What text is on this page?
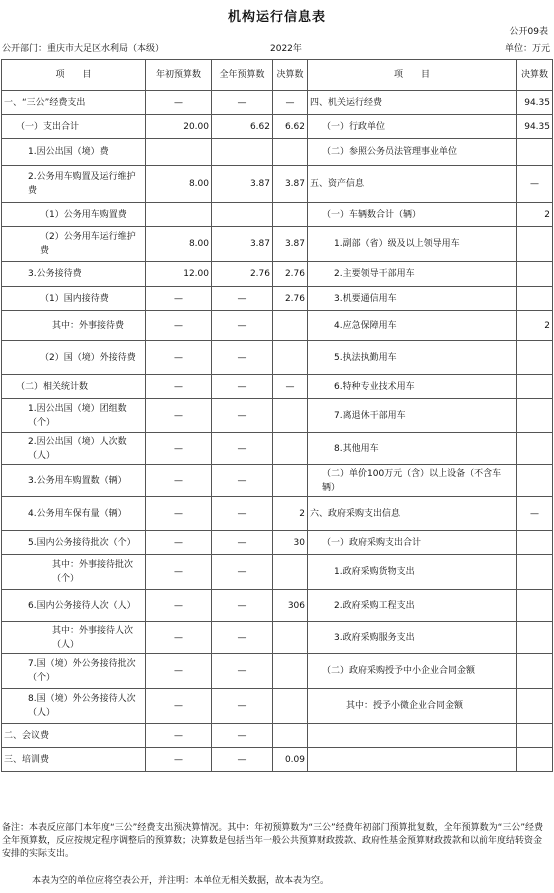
机构运行信息表
公开09表
公开部门：重庆市大足区水利局（本级）	2022年	单位：万元
项　　目	年初预算数	全年预算数	决算数	项　　目	决算数
一、“三公”经费支出	—	—	—	四、机关运行经费	94.35
（一）支出合计	20.00	6.62	6.62	（一）行政单位	94.35
1.因公出国（境）费				（二）参照公务员法管理事业单位	
2.公务用车购置及运行维护费	8.00	3.87	3.87	五、资产信息	—
（1）公务用车购置费				（一）车辆数合计（辆）	2
（2）公务用车运行维护费	8.00	3.87	3.87	1.副部（省）级及以上领导用车	
3.公务接待费	12.00	2.76	2.76	2.主要领导干部用车	
（1）国内接待费	—	—	2.76	3.机要通信用车	
其中：外事接待费	—	—		4.应急保障用车	2
（2）国（境）外接待费	—	—		5.执法执勤用车	
（二）相关统计数	—	—	—	6.特种专业技术用车	
1.因公出国（境）团组数（个）	—	—		7.离退休干部用车	
2.因公出国（境）人次数（人）	—	—		8.其他用车	
3.公务用车购置数（辆）	—	—		（二）单价100万元（含）以上设备（不含车辆）	
4.公务用车保有量（辆）	—	—	2	六、政府采购支出信息	—
5.国内公务接待批次（个）	—	—	30	（一）政府采购支出合计	
其中：外事接待批次（个）	—	—		1.政府采购货物支出	
6.国内公务接待人次（人）	—	—	306	2.政府采购工程支出	
其中：外事接待人次（人）	—	—		3.政府采购服务支出	
7.国（境）外公务接待批次（个）	—	—		（二）政府采购授予中小企业合同金额	
8.国（境）外公务接待人次（人）	—	—		其中：授予小微企业合同金额	
二、会议费	—	—			
三、培训费	—	—	0.09		
备注：本表反应部门本年度“三公”经费支出预决算情况。其中：年初预算数为“三公”经费年初部门预算批复数，全年预算数为“三公”经费全年预算数，反应按规定程序调整后的预算数；决算数是包括当年一般公共预算财政拨款、政府性基金预算财政拨款和以前年度结转资金安排的实际支出。
本表为空的单位应将空表公开，并注明：本单位无相关数据，故本表为空。
